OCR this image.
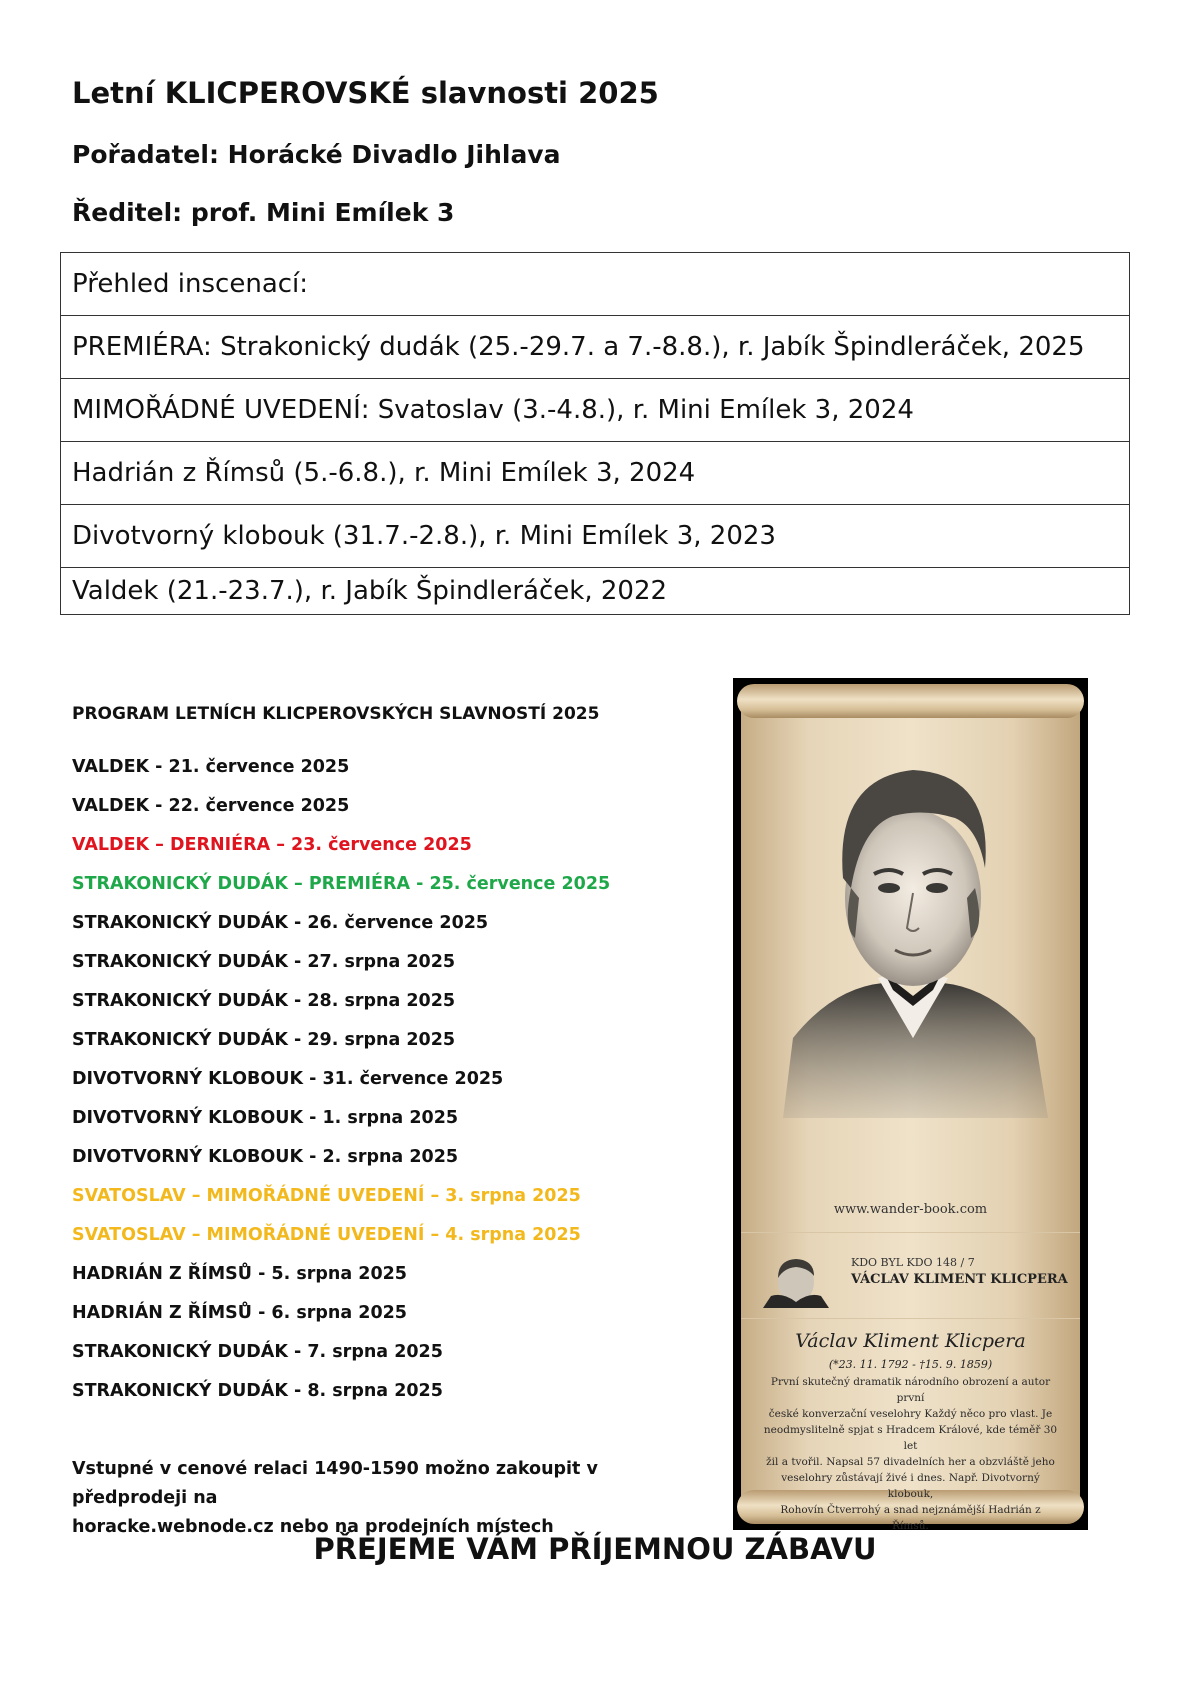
Letní KLICPEROVSKÉ slavnosti 2025
Pořadatel: Horácké Divadlo Jihlava
Ředitel: prof. Mini Emílek 3
Přehled inscenací:
PREMIÉRA: Strakonický dudák (25.-29.7. a 7.-8.8.), r. Jabík Špindleráček, 2025
MIMOŘÁDNÉ UVEDENÍ: Svatoslav (3.-4.8.), r. Mini Emílek 3, 2024
Hadrián z Římsů (5.-6.8.), r. Mini Emílek 3, 2024
Divotvorný klobouk (31.7.-2.8.), r. Mini Emílek 3, 2023
Valdek (21.-23.7.), r. Jabík Špindleráček, 2022
PROGRAM LETNÍCH KLICPEROVSKÝCH SLAVNOSTÍ 2025
VALDEK - 21. července 2025
VALDEK - 22. července 2025
VALDEK – DERNIÉRA – 23. července 2025
STRAKONICKÝ DUDÁK – PREMIÉRA - 25. července 2025
STRAKONICKÝ DUDÁK - 26. července 2025
STRAKONICKÝ DUDÁK - 27. srpna 2025
STRAKONICKÝ DUDÁK - 28. srpna 2025
STRAKONICKÝ DUDÁK - 29. srpna 2025
DIVOTVORNÝ KLOBOUK - 31. července 2025
DIVOTVORNÝ KLOBOUK - 1. srpna 2025
DIVOTVORNÝ KLOBOUK - 2. srpna 2025
SVATOSLAV – MIMOŘÁDNÉ UVEDENÍ – 3. srpna 2025
SVATOSLAV – MIMOŘÁDNÉ UVEDENÍ – 4. srpna 2025
HADRIÁN Z ŘÍMSŮ - 5. srpna 2025
HADRIÁN Z ŘÍMSŮ - 6. srpna 2025
STRAKONICKÝ DUDÁK - 7. srpna 2025
STRAKONICKÝ DUDÁK - 8. srpna 2025

Vstupné v cenové relaci 1490-1590 možno zakoupit v předprodeji na
horacke.webnode.cz nebo na prodejních místech

PŘEJEME VÁM PŘÍJEMNOU ZÁBAVU
www.wander-book.com
KDO BYL KDO 148 / 7
VÁCLAV KLIMENT KLICPERA
Václav Kliment Klicpera
(*23. 11. 1792 - †15. 9. 1859)
První skutečný dramatik národního obrození a autor první
české konverzační veselohry Každý něco pro vlast. Je
neodmyslitelně spjat s Hradcem Králové, kde téměř 30 let
žil a tvořil. Napsal 57 divadelních her a obzvláště jeho
veselohry zůstávají živé i dnes. Např. Divotvorný klobouk,
Rohovín Čtverrohý a snad nejznámější Hadrián z Římsů.
